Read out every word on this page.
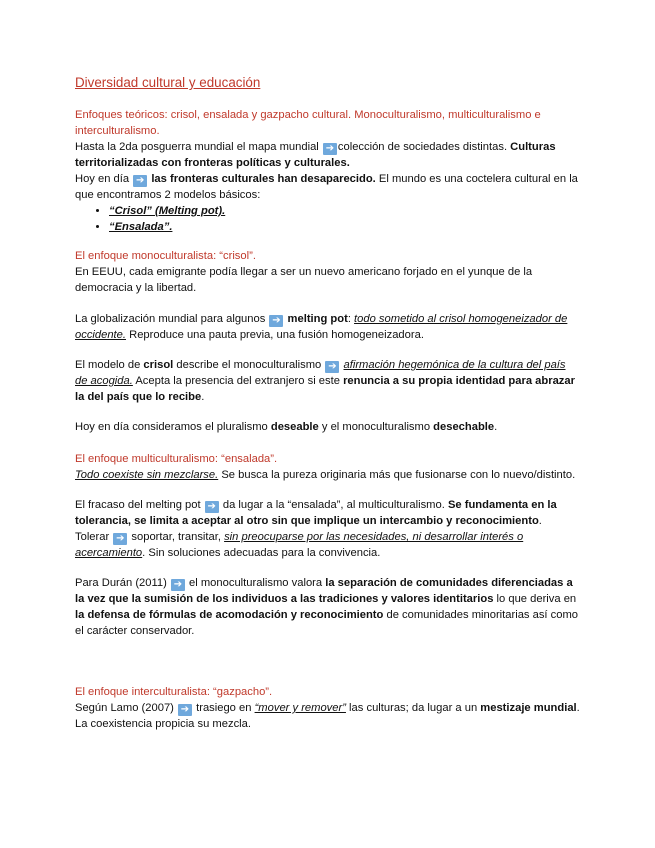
Diversidad cultural y educación
Enfoques teóricos: crisol, ensalada y gazpacho cultural. Monoculturalismo, multiculturalismo e interculturalismo.
Hasta la 2da posguerra mundial el mapa mundial ➔colección de sociedades distintas. Culturas territorializadas con fronteras políticas y culturales.
Hoy en día ➔ las fronteras culturales han desaparecido. El mundo es una coctelera cultural en la que encontramos 2 modelos básicos:
• “Crisol” (Melting pot).
• “Ensalada”.
El enfoque monoculturalista: “crisol”.
En EEUU, cada emigrante podía llegar a ser un nuevo americano forjado en el yunque de la democracia y la libertad.
La globalización mundial para algunos ➔ melting pot: todo sometido al crisol homogeneizador de occidente. Reproduce una pauta previa, una fusión homogeneizadora.
El modelo de crisol describe el monoculturalismo ➔ afirmación hegemónica de la cultura del país de acogida. Acepta la presencia del extranjero si este renuncia a su propia identidad para abrazar la del país que lo recibe.
Hoy en día consideramos el pluralismo deseable y el monoculturalismo desechable.
El enfoque multiculturalismo: “ensalada”.
Todo coexiste sin mezclarse. Se busca la pureza originaria más que fusionarse con lo nuevo/distinto.
El fracaso del melting pot ➔ da lugar a la “ensalada”, al multiculturalismo. Se fundamenta en la tolerancia, se limita a aceptar al otro sin que implique un intercambio y reconocimiento.
Tolerar ➔ soportar, transitar, sin preocuparse por las necesidades, ni desarrollar interés o acercamiento. Sin soluciones adecuadas para la convivencia.
Para Durán (2011) ➔ el monoculturalismo valora la separación de comunidades diferenciadas a la vez que la sumisión de los individuos a las tradiciones y valores identitarios lo que deriva en la defensa de fórmulas de acomodación y reconocimiento de comunidades minoritarias así como el carácter conservador.
El enfoque interculturalista: “gazpacho”.
Según Lamo (2007) ➔ trasiego en “mover y remover” las culturas; da lugar a un mestizaje mundial. La coexistencia propicia su mezcla.
